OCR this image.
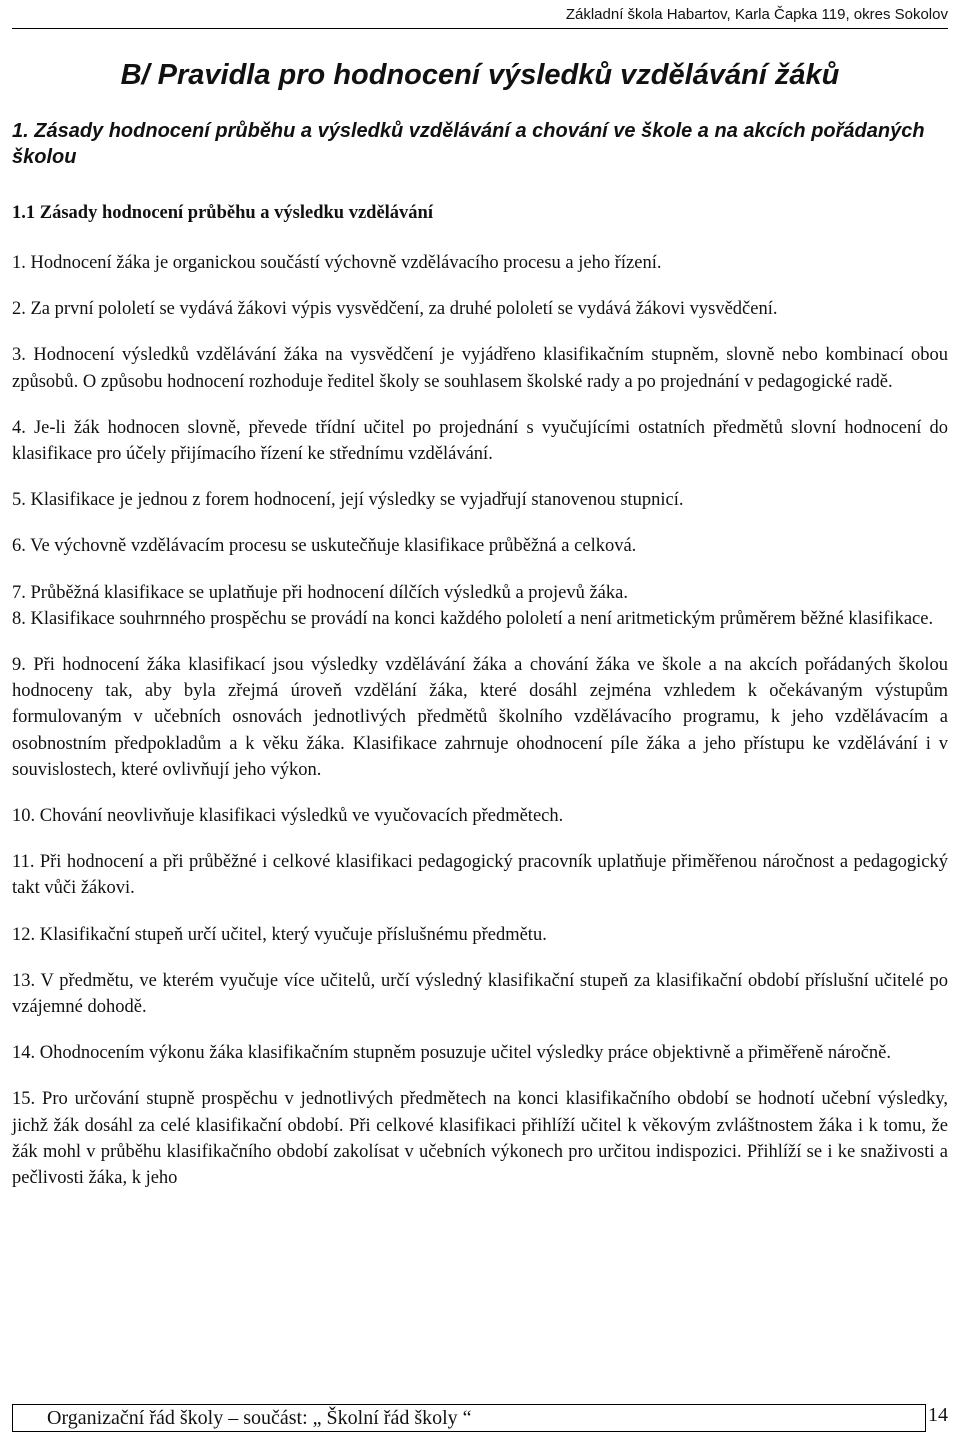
Základní škola Habartov, Karla Čapka 119, okres Sokolov
B/ Pravidla pro hodnocení výsledků vzdělávání žáků
1. Zásady hodnocení průběhu a výsledků vzdělávání a chování ve škole a na akcích pořádaných školou
1.1 Zásady hodnocení průběhu a výsledku vzdělávání

1. Hodnocení žáka je organickou součástí výchovně vzdělávacího procesu a jeho řízení.

2. Za první pololetí se vydává žákovi výpis vysvědčení, za druhé pololetí se vydává žákovi vysvědčení.

3. Hodnocení výsledků vzdělávání žáka na vysvědčení je vyjádřeno klasifikačním stupněm, slovně nebo kombinací obou způsobů. O způsobu hodnocení rozhoduje ředitel školy se souhlasem školské rady a po projednání v pedagogické radě.

4. Je-li žák hodnocen slovně, převede třídní učitel po projednání s vyučujícími ostatních předmětů slovní hodnocení do klasifikace pro účely přijímacího řízení ke střednímu vzdělávání.

5. Klasifikace je jednou z forem hodnocení, její výsledky se vyjadřují stanovenou stupnicí.

6. Ve výchovně vzdělávacím procesu se uskutečňuje klasifikace průběžná a celková.

7. Průběžná klasifikace se uplatňuje při hodnocení dílčích výsledků a projevů žáka.

8. Klasifikace souhrnného prospěchu se provádí na konci každého pololetí a není aritmetickým průměrem běžné klasifikace.

9. Při hodnocení žáka klasifikací jsou výsledky vzdělávání žáka a chování žáka ve škole a na akcích pořádaných školou hodnoceny tak, aby byla zřejmá úroveň vzdělání žáka, které dosáhl zejména vzhledem k očekávaným výstupům formulovaným v učebních osnovách jednotlivých předmětů školního vzdělávacího programu, k jeho vzdělávacím a osobnostním předpokladům a k věku žáka. Klasifikace zahrnuje ohodnocení píle žáka a jeho přístupu ke vzdělávání i v souvislostech, které ovlivňují jeho výkon.

10. Chování neovlivňuje klasifikaci výsledků ve vyučovacích předmětech.

11. Při hodnocení a při průběžné i celkové klasifikaci pedagogický pracovník uplatňuje přiměřenou náročnost a pedagogický takt vůči žákovi.

12. Klasifikační stupeň určí učitel, který vyučuje příslušnému předmětu.

13. V předmětu, ve kterém vyučuje více učitelů, určí výsledný klasifikační stupeň za klasifikační období příslušní učitelé po vzájemné dohodě.

14. Ohodnocením výkonu žáka klasifikačním stupněm posuzuje učitel výsledky práce objektivně a přiměřeně náročně.

15. Pro určování stupně prospěchu v jednotlivých předmětech na konci klasifikačního období se hodnotí učební výsledky, jichž žák dosáhl za celé klasifikační období. Při celkové klasifikaci přihlíží učitel k věkovým zvláštnostem žáka i k tomu, že žák mohl v průběhu klasifikačního období zakolísat v učebních výkonech pro určitou indispozici. Přihlíží se i ke snaživosti a pečlivosti žáka, k jeho

Organizační řád školy – součást: „ Školní řád školy “	14
